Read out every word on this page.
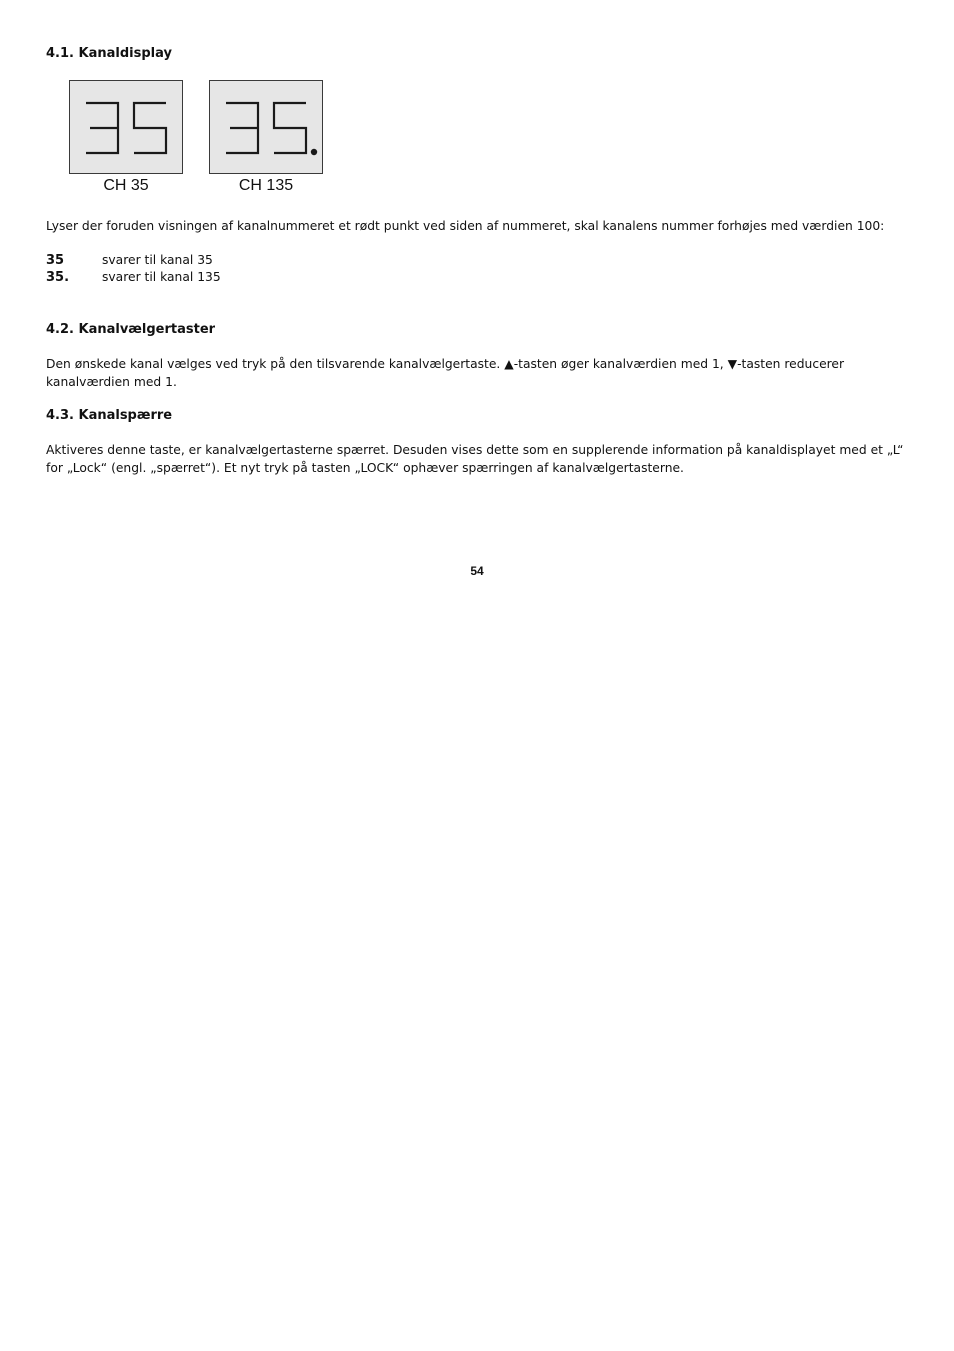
4.1. Kanaldisplay
CH 35	CH 135

Lyser der foruden visningen af kanalnummeret et rødt punkt ved siden af nummeret, skal kanalens nummer forhøjes med værdien 100:

35	svarer til kanal 35
35.	svarer til kanal 135
4.2. Kanalvælgertaster

Den ønskede kanal vælges ved tryk på den tilsvarende kanalvælgertaste. ▲-tasten øger kanalværdien med 1, ▼-tasten reducerer kanalværdien med 1.

4.3. Kanalspærre

Aktiveres denne taste, er kanalvælgertasterne spærret. Desuden vises dette som en supplerende information på kanaldisplayet med et „L“ for „Lock“ (engl. „spærret“). Et nyt tryk på tasten „LOCK“ ophæver spærringen af kanalvælgertasterne.

54
